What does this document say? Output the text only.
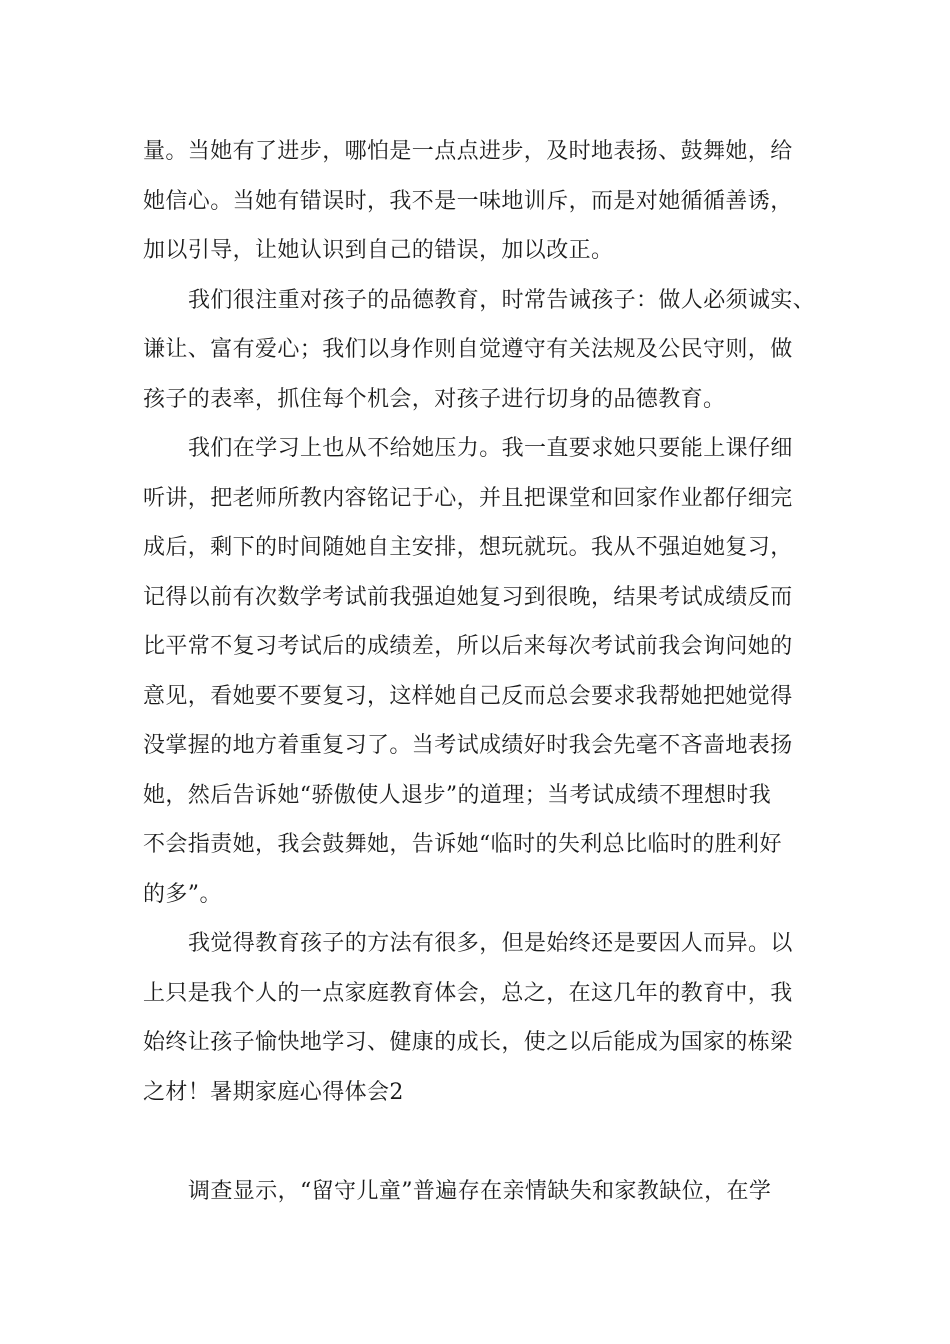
量。当她有了进步，哪怕是一点点进步，及时地表扬、鼓舞她，给
她信心。当她有错误时，我不是一味地训斥，而是对她循循善诱，
加以引导，让她认识到自己的错误，加以改正。
我们很注重对孩子的品德教育，时常告诫孩子：做人必须诚实、
谦让、富有爱心；我们以身作则自觉遵守有关法规及公民守则，做
孩子的表率，抓住每个机会，对孩子进行切身的品德教育。
我们在学习上也从不给她压力。我一直要求她只要能上课仔细
听讲，把老师所教内容铭记于心，并且把课堂和回家作业都仔细完
成后，剩下的时间随她自主安排，想玩就玩。我从不强迫她复习，
记得以前有次数学考试前我强迫她复习到很晚，结果考试成绩反而
比平常不复习考试后的成绩差，所以后来每次考试前我会询问她的
意见，看她要不要复习，这样她自己反而总会要求我帮她把她觉得
没掌握的地方着重复习了。当考试成绩好时我会先毫不吝啬地表扬
她，然后告诉她“骄傲使人退步”的道理；当考试成绩不理想时我
不会指责她，我会鼓舞她，告诉她“临时的失利总比临时的胜利好
的多”。
我觉得教育孩子的方法有很多，但是始终还是要因人而异。以
上只是我个人的一点家庭教育体会，总之，在这几年的教育中，我
始终让孩子愉快地学习、健康的成长，使之以后能成为国家的栋梁
之材！暑期家庭心得体会2
调查显示，“留守儿童”普遍存在亲情缺失和家教缺位，在学
